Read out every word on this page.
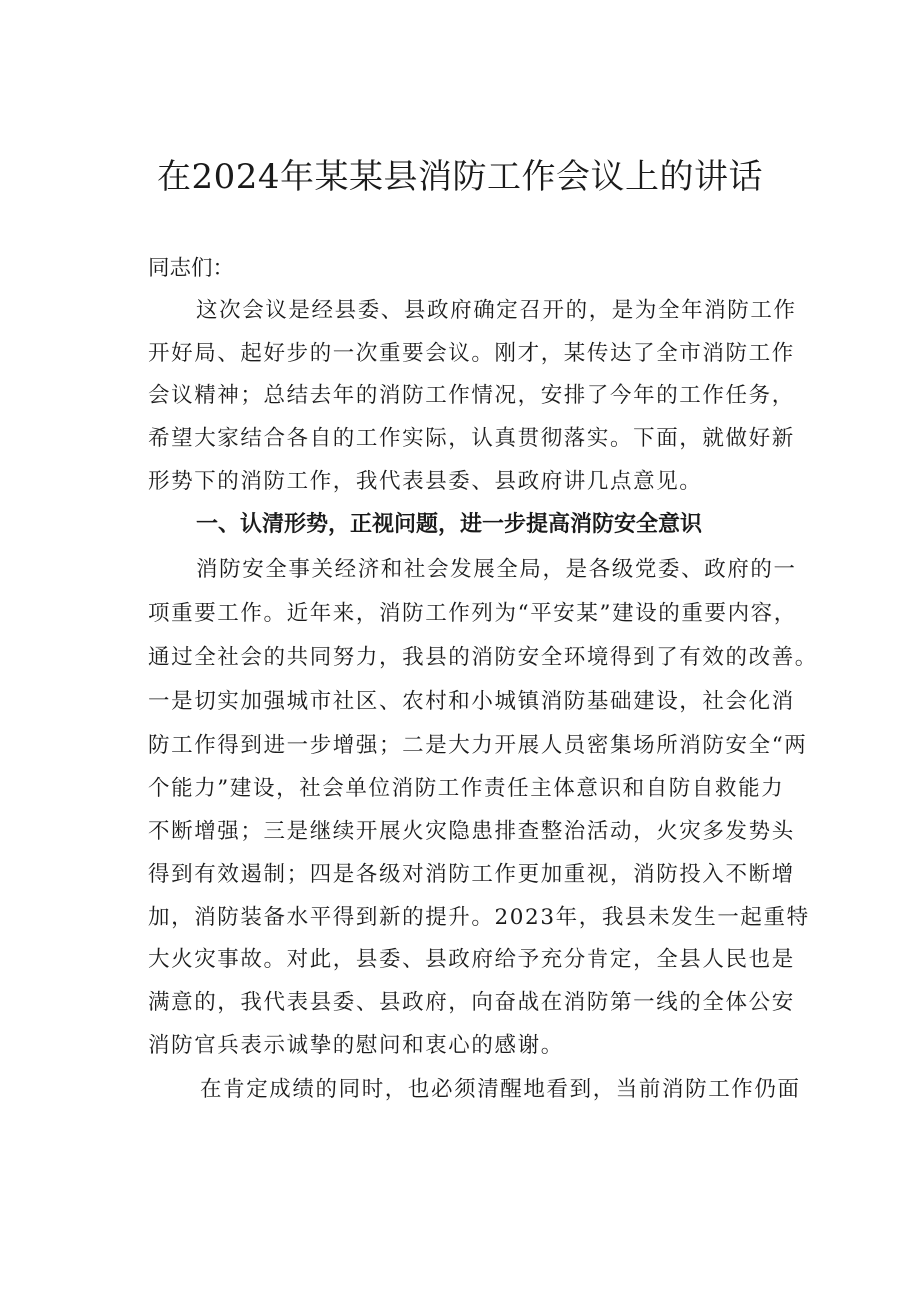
在2024年某某县消防工作会议上的讲话
同志们：
这次会议是经县委、县政府确定召开的，是为全年消防工作
开好局、起好步的一次重要会议。刚才，某传达了全市消防工作
会议精神；总结去年的消防工作情况，安排了今年的工作任务，
希望大家结合各自的工作实际，认真贯彻落实。下面，就做好新
形势下的消防工作，我代表县委、县政府讲几点意见。
一、认清形势，正视问题，进一步提高消防安全意识
消防安全事关经济和社会发展全局，是各级党委、政府的一
项重要工作。近年来，消防工作列为“平安某”建设的重要内容，
通过全社会的共同努力，我县的消防安全环境得到了有效的改善。
一是切实加强城市社区、农村和小城镇消防基础建设，社会化消
防工作得到进一步增强；二是大力开展人员密集场所消防安全“两
个能力”建设，社会单位消防工作责任主体意识和自防自救能力
不断增强；三是继续开展火灾隐患排查整治活动，火灾多发势头
得到有效遏制；四是各级对消防工作更加重视，消防投入不断增
加，消防装备水平得到新的提升。2023年，我县未发生一起重特
大火灾事故。对此，县委、县政府给予充分肯定，全县人民也是
满意的，我代表县委、县政府，向奋战在消防第一线的全体公安
消防官兵表示诚挚的慰问和衷心的感谢。
在肯定成绩的同时，也必须清醒地看到，当前消防工作仍面
